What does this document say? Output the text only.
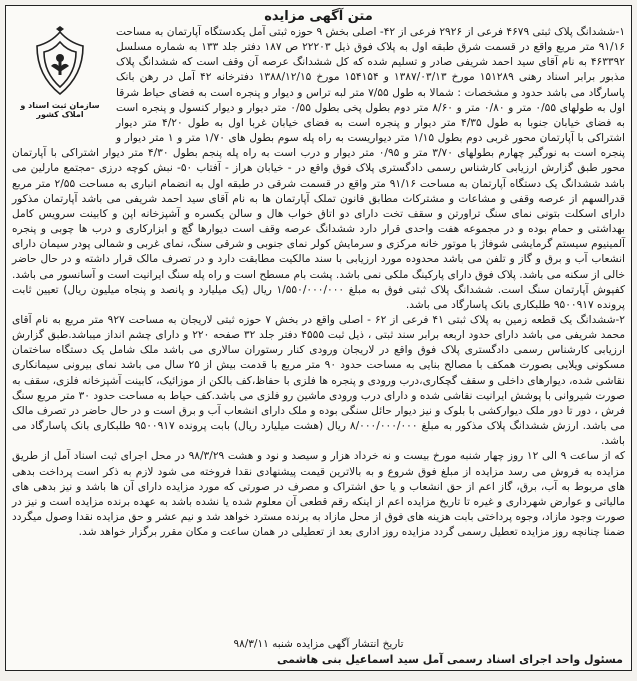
متن آگهی مزایده

۱-ششدانگ پلاک ثبتی ۴۶۷۹ فرعی از ۲۹۲۶ فرعی از ۴۲- اصلی بخش ۹ حوزه ثبتی آمل یکدستگاه آپارتمان به مساحت ۹۱/۱۶ متر مربع واقع در قسمت شرق طبقه اول به پلاک فوق ذیل ۲۲۲۰۳ ص ۱۸۷ دفتر جلد ۱۳۳ به شماره مسلسل ۴۶۳۳۹۲ به نام آقای سید احمد شریفی صادر و تسلیم شده که کل ششدانگ عرصه آن وقف است که ششدانگ پلاک مذبور برابر اسناد رهنی ۱۵۱۲۸۹ مورخ ۱۳۸۷/۰۳/۱۳ و ۱۵۴۱۵۴ مورخ ۱۳۸۸/۱۲/۱۵ دفترخانه ۴۲ آمل در رهن بانک پاسارگاد می باشد حدود و مشخصات : شمالا به طول ۷/۵۵ متر لبه تراس و دیوار و پنجره است به فضای حیاط شرقا اول به طولهای ۰/۵۵ متر و ۰/۸۰ متر و ۸/۶۰ متر دوم بطول پخی بطول ۰/۵۵ متر دیوار و دیوار کنسول و پنجره است به فضای خیابان جنوبا به طول ۴/۳۵ متر دیوار و پنجره است به فضای خیابان غربا اول به طول ۴/۲۰ متر دیوار اشتراکی با آپارتمان محور غربی دوم بطول ۱/۱۵ متر دیواریست به راه پله سوم بطول های ۱/۷۰ متر و ۱ متر دیوار و پنجره است به نورگیر چهارم بطولهای ۳/۷۰ متر و ۰/۹۵ متر دیوار و درب است به راه پله پنجم بطول ۴/۳۰ متر دیوار اشتراکی با آپارتمان محور طبق گزارش ارزیابی کارشناس رسمی دادگستری پلاک فوق واقع در - خیابان هراز - آفتاب ۵۰- نبش کوچه درزی -مجتمع مارلین می باشد ششدانگ یک دستگاه آپارتمان به مساحت ۹۱/۱۶ متر واقع در قسمت شرقی در طبقه اول به انضمام انباری به مساحت ۲/۵۵ متر مربع قدرالسهم از عرصه وقفی و مشاعات و مشترکات مطابق قانون تملک آپارتمان ها به نام آقای سید احمد شریفی می باشد آپارتمان مذکور دارای اسکلت بتونی نمای سنگ تراورتن و سقف تخت دارای دو اتاق خواب هال و سالن یکسره و آشپزخانه اپن و کابینت سرویس کامل بهداشتی و حمام بوده و در مجموعه هفت واحدی قرار دارد ششدانگ عرصه وقف است دیوارها گچ و ابزارکاری و درب ها چوبی و پنجره آلمینیوم سیستم گرمایشی شوفاژ با موتور خانه مرکزی و سرمایش کولر نمای جنوبی و شرقی سنگ، نمای غربی و شمالی پودر سیمان دارای انشعاب آب و برق و گاز و تلفن می باشد محدوده مورد ارزیابی با سند مالکیت مطابقت دارد و در تصرف مالک قرار داشته و در حال حاضر خالی از سکنه می باشد. پلاک فوق دارای پارکینگ ملکی نمی باشد. پشت بام مسطح است و راه پله سنگ ایرانیت است و آسانسور می باشد. کفپوش آپارتمان سنگ است. ششدانگ پلاک ثبتی فوق به مبلغ ۱/۵۵۰/۰۰۰/۰۰۰ ریال (یک میلیارد و پانصد و پنجاه میلیون ریال) تعیین ثابت پرونده ۹۵۰۰۹۱۷ طلبکاری بانک پاسارگاد می باشد.

۲-ششدانگ یک قطعه زمین به پلاک ثبتی ۴۱ فرعی از ۶۲ - اصلی واقع در بخش ۷ حوزه ثبتی لاریجان به مساحت ۹۲۷ متر مربع به نام آقای محمد شریفی می باشد دارای حدود اربعه برابر سند ثبتی ، ذیل ثبت ۴۵۵۵ دفتر جلد ۳۲ صفحه ۲۲۰ و دارای چشم انداز میباشد.طبق گزارش ارزیابی کارشناس رسمی دادگستری پلاک فوق واقع در لاریجان ورودی کنار رستوران سالاری می باشد ملک شامل یک دستگاه ساختمان مسکونی ویلایی بصورت همکف با مصالح بنایی به مساحت حدود ۹۰ متر مربع با قدمت بیش از ۲۵ سال می باشد نمای بیرونی سیمانکاری نقاشی شده، دیوارهای داخلی و سقف گچکاری،درب ورودی و پنجره ها فلزی با حفاظ،کف بالکن از موزائیک، کابینت آشپزخانه فلزی، سقف به صورت شیروانی با پوشش ایرانیت نقاشی شده و دارای درب ورودی ماشین رو فلزی می باشد.کف حیاط به مساحت حدود ۳۰ متر مربع سنگ فرش ، دور تا دور ملک دیوارکشی با بلوک و نیز دیوار حائل سنگی بوده و ملک دارای انشعاب آب و برق است و در حال حاضر در تصرف مالک می باشد. ارزش ششدانگ پلاک مذکور به مبلغ ۸/۰۰۰/۰۰۰/۰۰۰ ریال (هشت میلیارد ریال) بابت پرونده ۹۵۰۰۹۱۷ طلبکاری بانک پاسارگاد می باشد.

که از ساعت ۹ الی ۱۲ روز چهار شنبه مورخ بیست و نه خرداد هزار و سیصد و نود و هشت ۹۸/۳/۲۹ در محل اجرای ثبت اسناد آمل از طریق مزایده به فروش می رسد مزایده از مبلغ فوق شروع و به بالاترین قیمت پیشنهادی نقدا فروخته می شود لازم به ذکر است پرداخت بدهی های مربوط به آب، برق، گاز اعم از حق انشعاب و یا حق اشتراک و مصرف در صورتی که مورد مزایده دارای آن ها باشد و نیز بدهی های مالیاتی و عوارض شهرداری و غیره تا تاریخ مزایده اعم از اینکه رقم قطعی آن معلوم شده یا نشده باشد به عهده برنده مزایده است و نیز در صورت وجود مازاد، وجوه پرداختی بابت هزینه های فوق از محل مازاد به برنده مسترد خواهد شد و نیم عشر و حق مزایده نقدا وصول میگردد ضمنا چنانچه روز مزایده تعطیل رسمی گردد مزایده روز اداری بعد از تعطیلی در همان ساعت و مکان مقرر برگزار خواهد شد.

سازمان ثبت اسناد و املاک کشور
تاریخ انتشار آگهی مزایده شنبه ۹۸/۳/۱۱
مسئول واحد اجرای اسناد رسمی آمل سید اسماعیل بنی هاشمی
